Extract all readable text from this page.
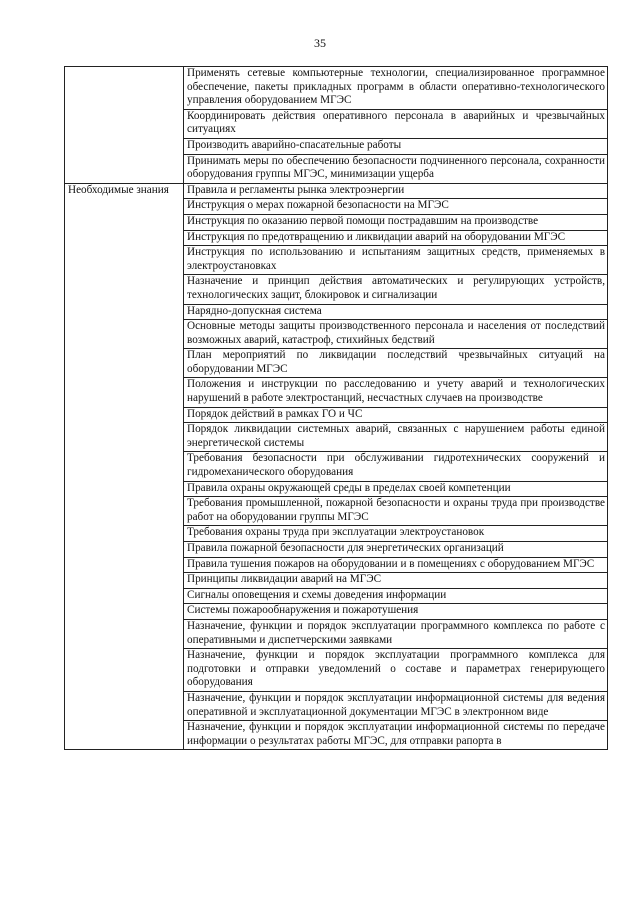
35
	Применять сетевые компьютерные технологии, специализированное программное обеспечение, пакеты прикладных программ в области оперативно-технологического управления оборудованием МГЭС
	Координировать действия оперативного персонала в аварийных и чрезвычайных ситуациях
	Производить аварийно-спасательные работы
	Принимать меры по обеспечению безопасности подчиненного персонала, сохранности оборудования группы МГЭС, минимизации ущерба
Необходимые знания	Правила и регламенты рынка электроэнергии
	Инструкция о мерах пожарной безопасности на МГЭС
	Инструкция по оказанию первой помощи пострадавшим на производстве
	Инструкция по предотвращению и ликвидации аварий на оборудовании МГЭС
	Инструкция по использованию и испытаниям защитных средств, применяемых в электроустановках
	Назначение и принцип действия автоматических и регулирующих устройств, технологических защит, блокировок и сигнализации
	Нарядно-допускная система
	Основные методы защиты производственного персонала и населения от последствий возможных аварий, катастроф, стихийных бедствий
	План мероприятий по ликвидации последствий чрезвычайных ситуаций на оборудовании МГЭС
	Положения и инструкции по расследованию и учету аварий и технологических нарушений в работе электростанций, несчастных случаев на производстве
	Порядок действий в рамках ГО и ЧС
	Порядок ликвидации системных аварий, связанных с нарушением работы единой энергетической системы
	Требования безопасности при обслуживании гидротехнических сооружений и гидромеханического оборудования
	Правила охраны окружающей среды в пределах своей компетенции
	Требования промышленной, пожарной безопасности и охраны труда при производстве работ на оборудовании группы МГЭС
	Требования охраны труда при эксплуатации электроустановок
	Правила пожарной безопасности для энергетических организаций
	Правила тушения пожаров на оборудовании и в помещениях с оборудованием МГЭС
	Принципы ликвидации аварий на МГЭС
	Сигналы оповещения и схемы доведения информации
	Системы пожарообнаружения и пожаротушения
	Назначение, функции и порядок эксплуатации программного комплекса по работе с оперативными и диспетчерскими заявками
	Назначение, функции и порядок эксплуатации программного комплекса для подготовки и отправки уведомлений о составе и параметрах генерирующего оборудования
	Назначение, функции и порядок эксплуатации информационной системы для ведения оперативной и эксплуатационной документации МГЭС в электронном виде
	Назначение, функции и порядок эксплуатации информационной системы по передаче информации о результатах работы МГЭС, для отправки рапорта в
